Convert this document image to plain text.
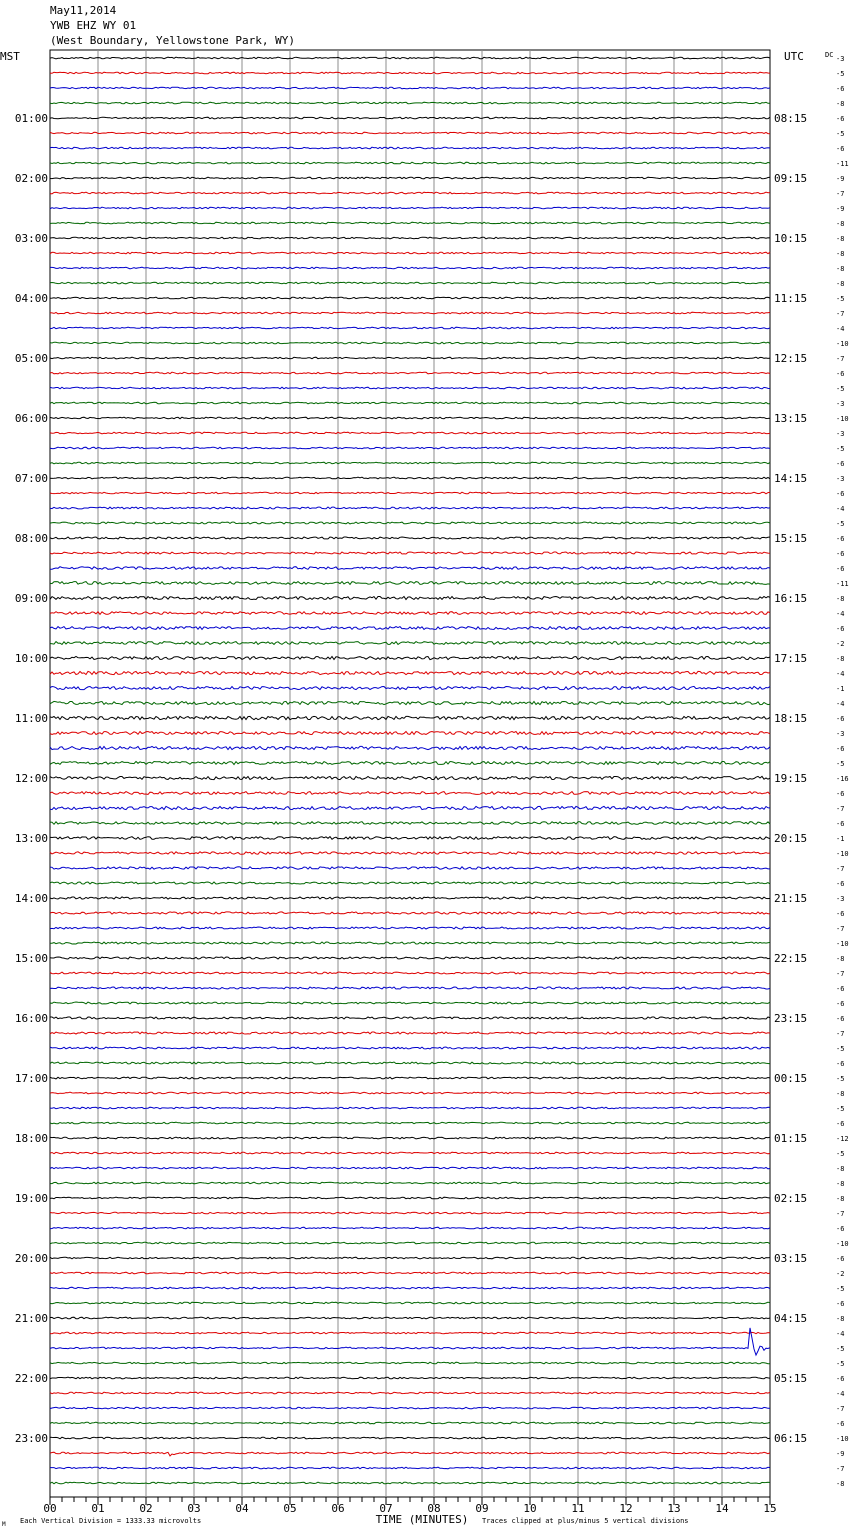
May11,2014
YWB EHZ WY 01
(West Boundary, Yellowstone Park, WY)
-3
-5
-6
-8
-6
-5
-6
-11
-9
-7
-9
-8
-8
-8
-8
-8
-5
-7
-4
-10
-7
-6
-5
-3
-10
-3
-5
-6
-3
-6
-4
-5
-6
-6
-6
-11
-8
-4
-6
-2
-8
-4
-1
-4
-6
-3
-6
-5
-16
-6
-7
-6
-1
-10
-7
-6
-3
-6
-7
-10
-8
-7
-6
-6
-6
-7
-5
-6
-5
-8
-5
-6
-12
-5
-8
-8
-8
-7
-6
-10
-6
-2
-5
-6
-8
-4
-5
-5
-6
-4
-7
-6
-10
-9
-7
-8
MST	UTC	DC
01:00	08:15
02:00	09:15
03:00	10:15
04:00	11:15
05:00	12:15
06:00	13:15
07:00	14:15
08:00	15:15
09:00	16:15
10:00	17:15
11:00	18:15
12:00	19:15
13:00	20:15
14:00	21:15
15:00	22:15
16:00	23:15
17:00	00:15
18:00	01:15
19:00	02:15
20:00	03:15
21:00	04:15
22:00	05:15
23:00	06:15
00	01	02	03	04	05	06	07	08	09	10	11	12	13	14	15
TIME (MINUTES)
Each Vertical Division = 1333.33 microvolts	Traces clipped at plus/minus 5 vertical divisions
M
